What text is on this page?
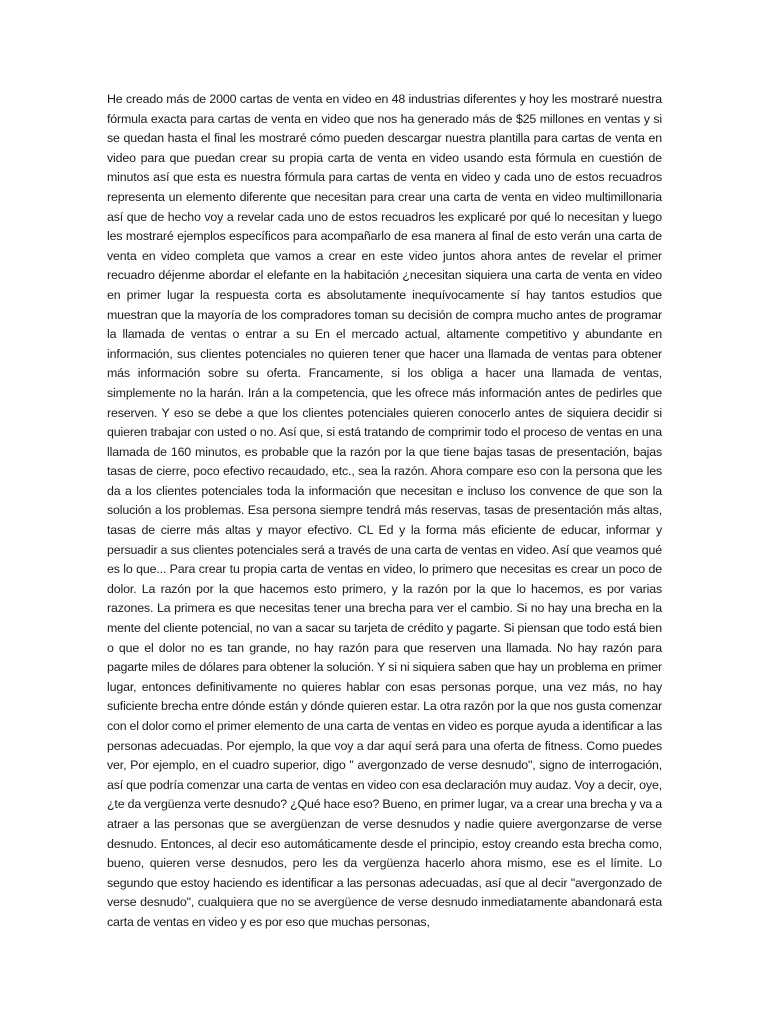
He creado más de 2000 cartas de venta en video en 48 industrias diferentes y hoy les mostraré nuestra fórmula exacta para cartas de venta en video que nos ha generado más de $25 millones en ventas y si se quedan hasta el final les mostraré cómo pueden descargar nuestra plantilla para cartas de venta en video para que puedan crear su propia carta de venta en video usando esta fórmula en cuestión de minutos así que esta es nuestra fórmula para cartas de venta en video y cada uno de estos recuadros representa un elemento diferente que necesitan para crear una carta de venta en video multimillonaria así que de hecho voy a revelar cada uno de estos recuadros les explicaré por qué lo necesitan y luego les mostraré ejemplos específicos para acompañarlo de esa manera al final de esto verán una carta de venta en video completa que vamos a crear en este video juntos ahora antes de revelar el primer recuadro déjenme abordar el elefante en la habitación ¿necesitan siquiera una carta de venta en video en primer lugar la respuesta corta es absolutamente inequívocamente sí hay tantos estudios que muestran que la mayoría de los compradores toman su decisión de compra mucho antes de programar la llamada de ventas o entrar a su En el mercado actual, altamente competitivo y abundante en información, sus clientes potenciales no quieren tener que hacer una llamada de ventas para obtener más información sobre su oferta. Francamente, si los obliga a hacer una llamada de ventas, simplemente no la harán. Irán a la competencia, que les ofrece más información antes de pedirles que reserven. Y eso se debe a que los clientes potenciales quieren conocerlo antes de siquiera decidir si quieren trabajar con usted o no. Así que, si está tratando de comprimir todo el proceso de ventas en una llamada de 160 minutos, es probable que la razón por la que tiene bajas tasas de presentación, bajas tasas de cierre, poco efectivo recaudado, etc., sea la razón. Ahora compare eso con la persona que les da a los clientes potenciales toda la información que necesitan e incluso los convence de que son la solución a los problemas. Esa persona siempre tendrá más reservas, tasas de presentación más altas, tasas de cierre más altas y mayor efectivo. CL Ed y la forma más eficiente de educar, informar y persuadir a sus clientes potenciales será a través de una carta de ventas en video. Así que veamos qué es lo que... Para crear tu propia carta de ventas en video, lo primero que necesitas es crear un poco de dolor. La razón por la que hacemos esto primero, y la razón por la que lo hacemos, es por varias razones. La primera es que necesitas tener una brecha para ver el cambio. Si no hay una brecha en la mente del cliente potencial, no van a sacar su tarjeta de crédito y pagarte. Si piensan que todo está bien o que el dolor no es tan grande, no hay razón para que reserven una llamada. No hay razón para pagarte miles de dólares para obtener la solución. Y si ni siquiera saben que hay un problema en primer lugar, entonces definitivamente no quieres hablar con esas personas porque, una vez más, no hay suficiente brecha entre dónde están y dónde quieren estar. La otra razón por la que nos gusta comenzar con el dolor como el primer elemento de una carta de ventas en video es porque ayuda a identificar a las personas adecuadas. Por ejemplo, la que voy a dar aquí será para una oferta de fitness. Como puedes ver, Por ejemplo, en el cuadro superior, digo " avergonzado de verse desnudo", signo de interrogación, así que podría comenzar una carta de ventas en video con esa declaración muy audaz. Voy a decir, oye, ¿te da vergüenza verte desnudo? ¿Qué hace eso? Bueno, en primer lugar, va a crear una brecha y va a atraer a las personas que se avergüenzan de verse desnudos y nadie quiere avergonzarse de verse desnudo. Entonces, al decir eso automáticamente desde el principio, estoy creando esta brecha como, bueno, quieren verse desnudos, pero les da vergüenza hacerlo ahora mismo, ese es el límite. Lo segundo que estoy haciendo es identificar a las personas adecuadas, así que al decir "avergonzado de verse desnudo", cualquiera que no se avergüence de verse desnudo inmediatamente abandonará esta carta de ventas en video y es por eso que muchas personas,
